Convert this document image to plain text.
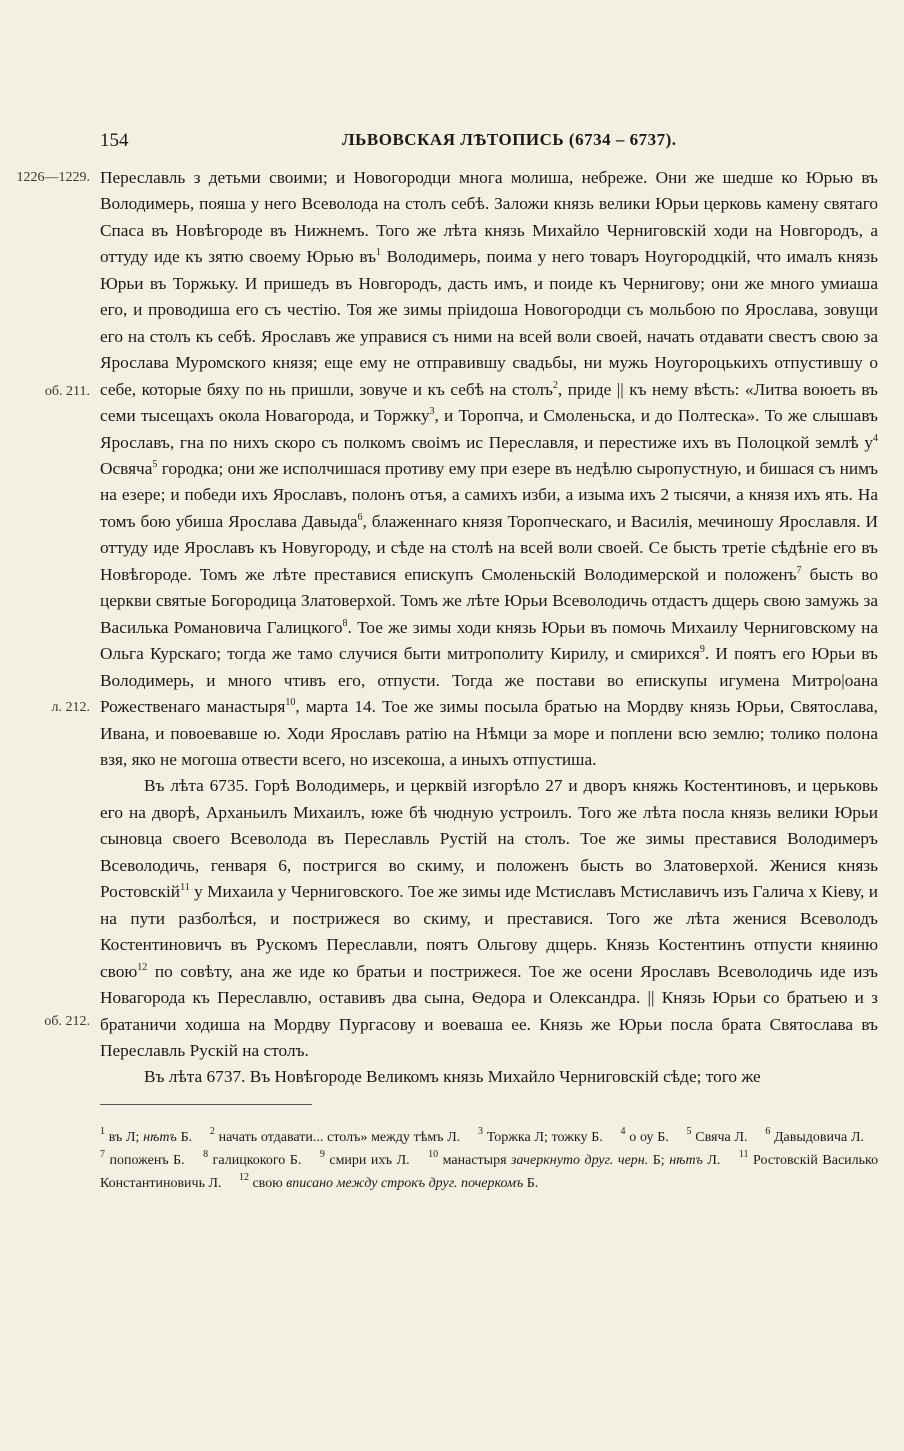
154	ЛЬВОВСКАЯ ЛѢТОПИСЬ (6734 – 6737).
1226—1229.
об. 211.
л. 212.
об. 212.

Переславль з детьми своими; и Новогородци многа молиша, небреже. Они же шедше ко Юрью въ Володимерь, пояша у него Всеволода на столъ себѣ. Заложи князь велики Юрьи церковь камену святаго Спаса въ Новѣгороде въ Нижнемъ. Того же лѣта князь Михайло Черниговскій ходи на Новгородъ, а оттуду иде къ зятю своему Юрью $въ^1$ Володимерь, поима у него товаръ Ноугородцкій, что ималъ князь Юрьи въ Торжьку. И пришедъ въ Новгородъ, дасть имъ, и поиде къ Чернигову; они же много умиаша его, и проводиша его съ честію. Тоя же зимы пріидоша Новогородци съ мольбою по Ярослава, зовущи его на столъ къ себѣ. Ярославъ же управися съ ними на всей воли своей, начать отдавати свестъ свою за Ярослава Муромского князя; еще ему не отправившу свадьбы, ни мужь Ноугороцькихъ отпустившу о себе, которые бяху по нь пришли, зовуче и къ себѣ на столъ$^2$, приде || къ нему вѣсть: «Литва воюеть въ семи тысещахъ окола Новагорода, и Торжку$^3$, и Торопча, и Смоленьска, и до Полтеска». То же слышавъ Ярославъ, гна по нихъ скоро съ полкомъ своімъ ис Переславля, и перестиже ихъ въ Полоцкой землѣ $у^4$ Освяча$^5$ городка; они же исполчишася противу ему при езере въ недѣлю сыропустную, и бишася съ нимъ на езере; и победи ихъ Ярославъ, полонъ отъя, а самихъ изби, а изыма ихъ 2 тысячи, а князя ихъ ять. На томъ бою убиша Ярослава Давыда$^6$, блаженнаго князя Торопческаго, и Василія, мечиношу Ярославля. И оттуду иде Ярославъ къ Новугороду, и сѣде на столѣ на всей воли своей. Се бысть третіе сѣдѣніе его въ Новѣгороде. Томъ же лѣте преставися епискупъ Смоленьскій Володимерской и положенъ$^7$ бысть во церкви святые Богородица Златоверхой. Томъ же лѣте Юрьи Всеволодичь отдастъ дщерь свою замужь за Василька Романовича Галицкого$^8$. Тое же зимы ходи князь Юрьи въ помочь Михаилу Черниговскому на Ольга Курскаго; тогда же тамо случися быти митрополиту Кирилу, и смирихся$^9$. И поятъ его Юрьи въ Володимерь, и много чтивъ его, отпусти. Тогда же постави во епискупы игумена Митро|оана Рожественаго манастыря$^{10}$, марта 14. Тое же зимы посыла братью на Мордву князь Юрьи, Святослава, Ивана, и повоевавше ю. Ходи Ярославъ ратію на Нѣмци за море и поплени всю землю; толико полона взя, яко не могоша отвести всего, но изсекоша, а иныхъ отпустиша.

Въ лѣта 6735. Горѣ Володимерь, и церквій изгорѣло 27 и дворъ княжь Костентиновъ, и церьковь его на дворѣ, Арханьилъ Михаилъ, юже бѣ чюдную устроилъ. Того же лѣта посла князь велики Юрьи сыновца своего Всеволода въ Переславль Рустій на столъ. Тое же зимы преставися Володимеръ Всеволодичь, генваря 6, постригся во скиму, и положенъ бысть во Златоверхой. Женися князь Ростовскій$^{11}$ у Михаила у Черниговского. Тое же зимы иде Мстиславъ Мстиславичъ изъ Галича х Кіеву, и на пути разболѣся, и пострижеся во скиму, и преставися. Того же лѣта женися Всеволодъ Костентиновичъ въ Рускомъ Переславли, поятъ Ольгову дщерь. Князь Костентинъ отпусти княиню свою$^{12}$ по совѣту, ана же иде ко братьи и пострижеся. Тое же осени Ярославъ Всеволодичь иде изъ Новагорода къ Переславлю, оставивъ два сына, Ѳедора и Олександра. || Князь Юрьи со братьею и з братаничи ходиша на Мордву Пургасову и воеваша ее. Князь же Юрьи посла брата Святослава въ Переславль Рускій на столъ.

Въ лѣта 6737. Въ Новѣгороде Великомъ князь Михайло Черниговскій сѣде; того же

$^1$ въ Л; нѣтъ Б.  $^2$ начать отдавати... столъ» между тѣмъ Л.  $^3$ Торжка Л; тожку Б.  $^4$ о оу Б.  $^5$ Свяча Л.  $^6$ Давыдовича Л.  $^7$ попоженъ Б.  $^8$ галицкокого Б.  $^9$ смири ихъ Л.  $^{10}$ манастыря зачеркнуто друг. черн. Б; нѣтъ Л.  $^{11}$ Ростовскій Василько Константиновичь Л.  $^{12}$ свою вписано между строкъ друг. почеркомъ Б. 
